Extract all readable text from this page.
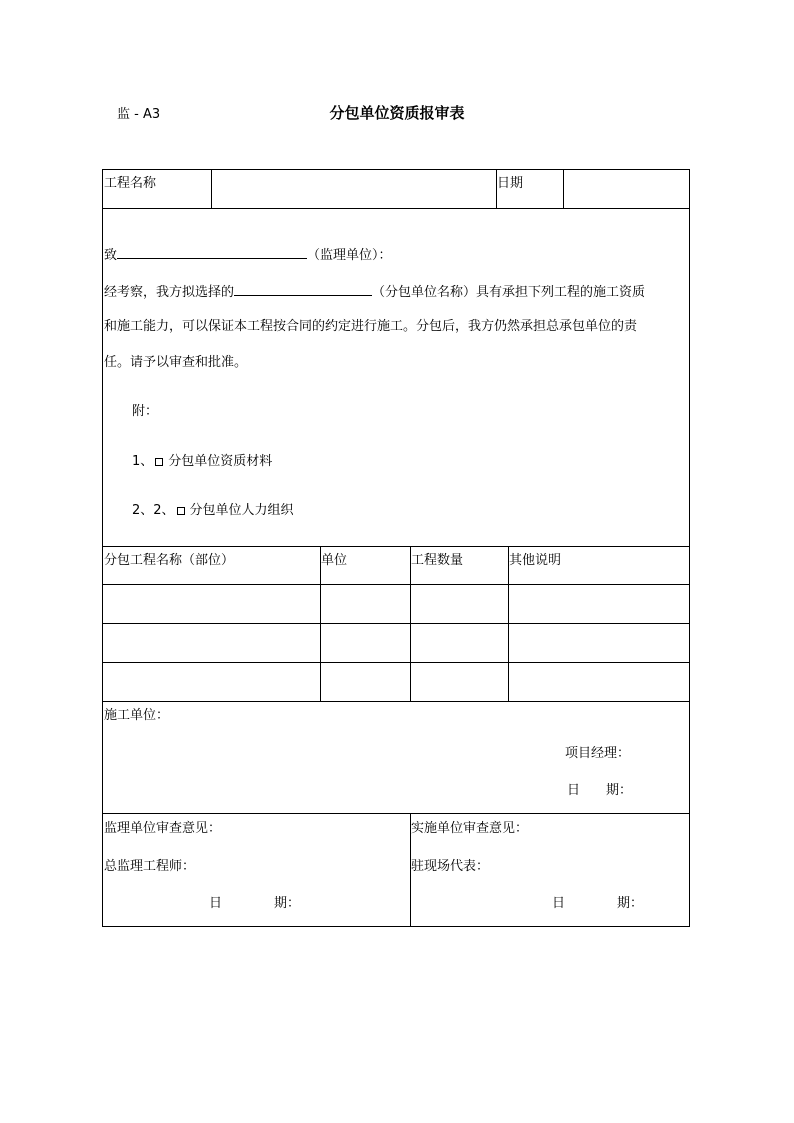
监 - A3	分包单位资质报审表
工程名称	日期
致	（监理单位）：
经考察，我方拟选择的	（分包单位名称）具有承担下列工程的施工资质
和施工能力，可以保证本工程按合同的约定进行施工。分包后，我方仍然承担总承包单位的责
任。请予以审查和批准。
附：
1、 分包单位资质材料
2、2、 分包单位人力组织
分包工程名称（部位）	单位	工程数量	其他说明
施工单位：
项目经理：
日　　期：
监理单位审查意见：
总监理工程师：
日　　　　期：
实施单位审查意见：
驻现场代表：
日　　　　期：
